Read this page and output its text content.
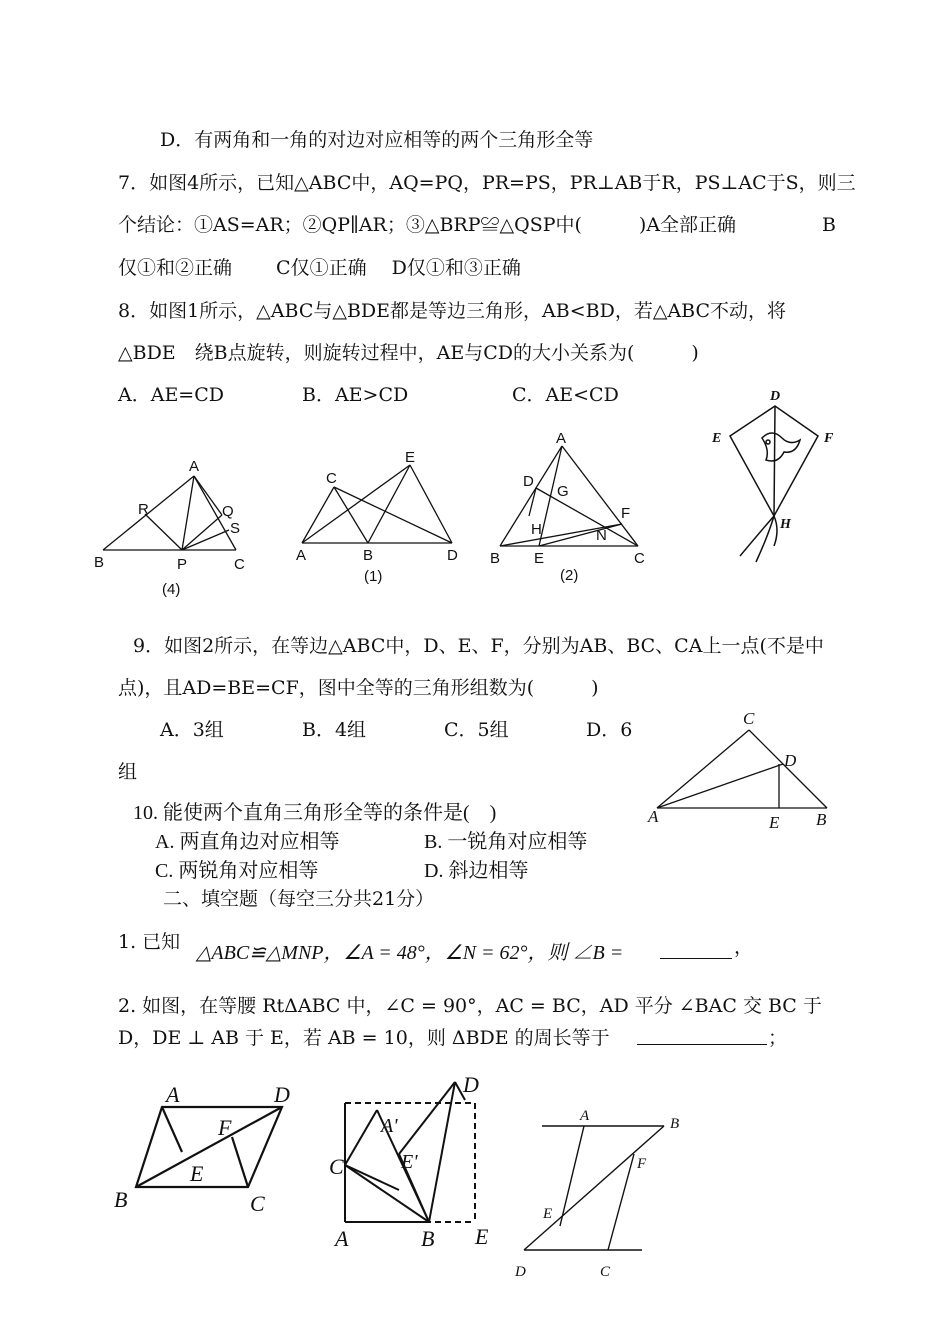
D．有两角和一角的对边对应相等的两个三角形全等
7．如图4所示，已知△ABC中，AQ=PQ，PR=PS，PR⊥AB于R，PS⊥AC于S，则三
个结论：①AS=AR；②QP∥AR；③△BRP≌△QSP中(　　　)A全部正确	B
仅①和②正确　　 C仅①正确　 D仅①和③正确
8．如图1所示，△ABC与△BDE都是等边三角形，AB<BD，若△ABC不动，将
△BDE　绕B点旋转，则旋转过程中，AE与CD的大小关系为(　　　)
A．AE=CD	B．AE>CD	C．AE<CD
A
R	Q
S
B	P	C
(4)
C
E
A	B	D
(1)
A
D
G
F
H	N
B E	C
(2)
D
E	F
H
9．如图2所示，在等边△ABC中，D、E、F，分别为AB、BC、CA上一点(不是中
点)，且AD=BE=CF，图中全等的三角形组数为(　　　)
A．3组	B．4组	C．5组	D．6
组
C
D
A	E B
10. 能使两个直角三角形全等的条件是(　)
A. 两直角边对应相等	B. 一锐角对应相等
C. 两锐角对应相等	D. 斜边相等
二、填空题（每空三分共21分）
1. 已知 △ABC≌△MNP，∠A = 48°，∠N = 62°，则 ∠B =	，
2. 如图，在等腰 RtΔABC 中，∠C = 90°，AC = BC，AD 平分 ∠BAC 交 BC 于
D，DE ⊥ AB 于 E，若 AB = 10，则 ΔBDE 的周长等于	；
A	D
F
E
B	C
D
A'
E'
C
A	B E
A	B
F
E
D	C
